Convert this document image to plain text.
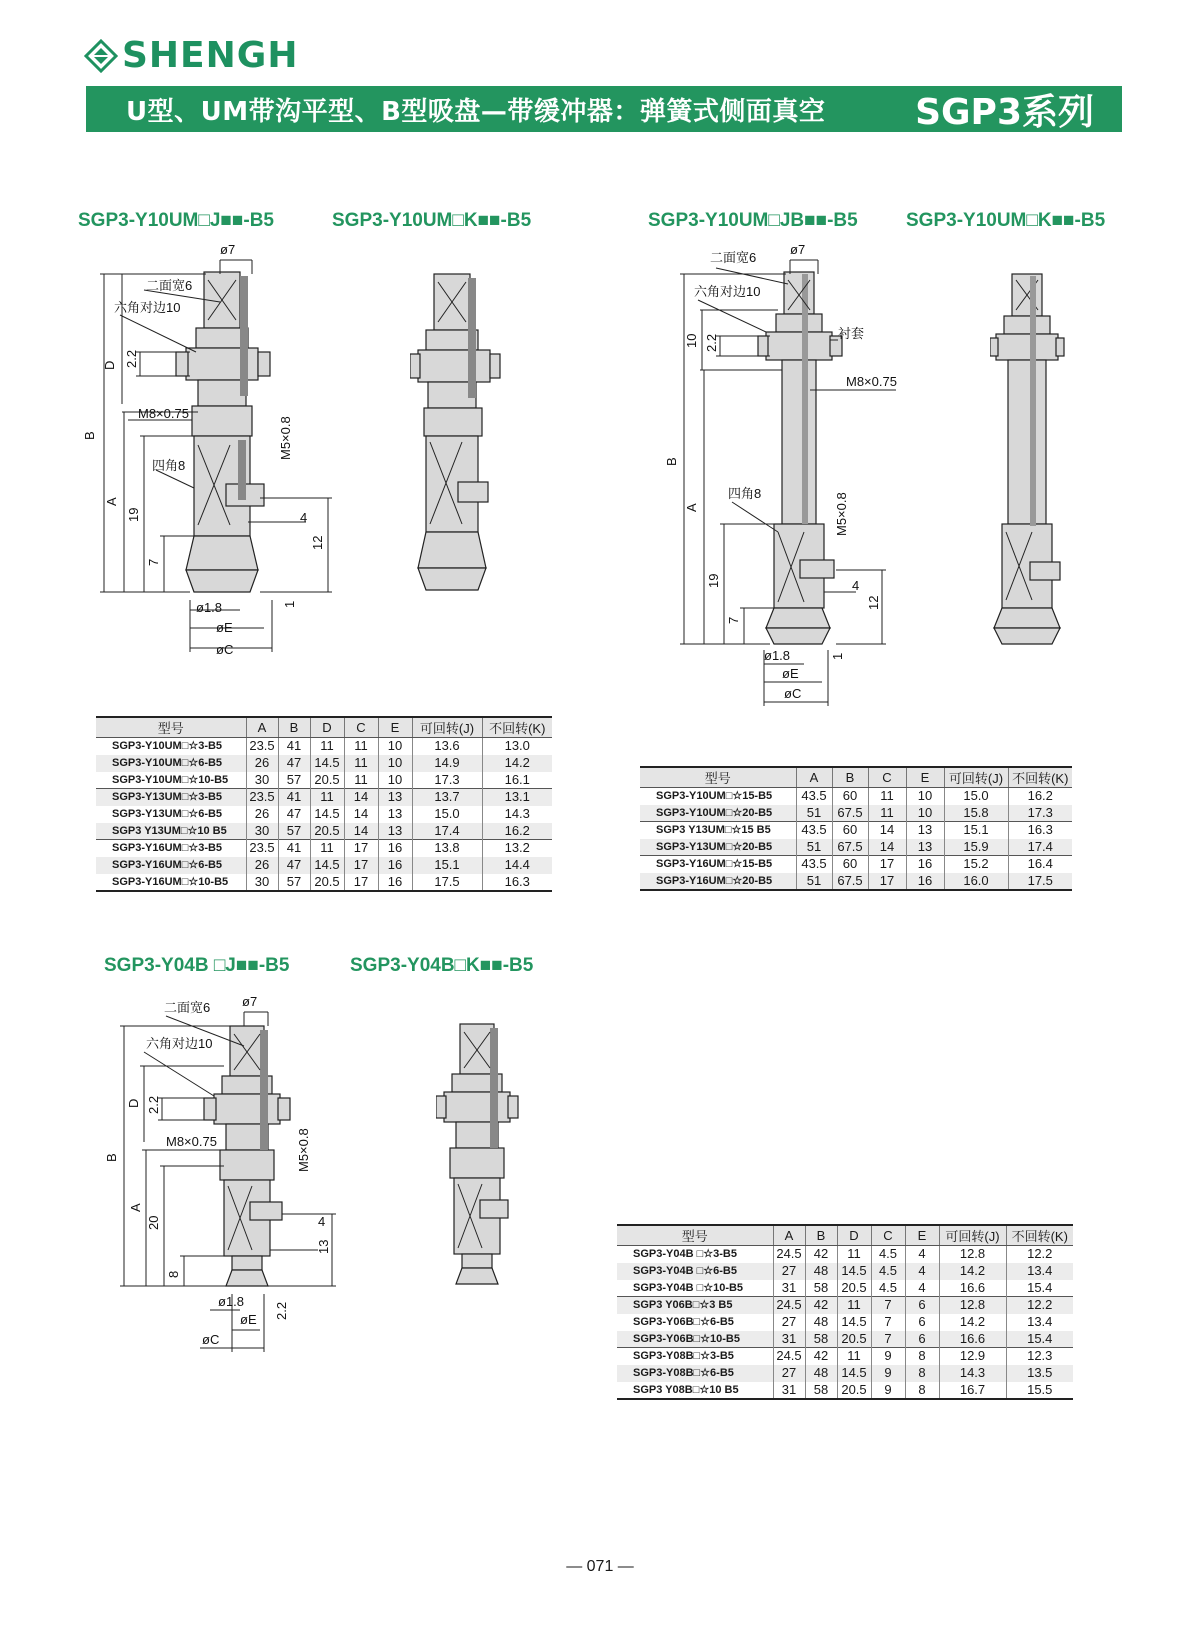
SHENGH
U型、UM带沟平型、B型吸盘—带缓冲器：弹簧式侧面真空 SGP3系列
SGP3-Y10UM□J■■-B5	SGP3-Y10UM□K■■-B5	SGP3-Y10UM□JB■■-B5	SGP3-Y10UM□K■■-B5
SGP3-Y04B □J■■-B5	SGP3-Y04B□K■■-B5
ø7
二面宽6
六角对边10
D 2.2
B
M8×0.75
M5×0.8
四角8
A
19
7
4
12
1
ø1.8
øE
øC
ø7
二面宽6
六角对边10
10 2.2
衬套
M8×0.75
B
A
四角8	M5×0.8
19
7
4
12
1
ø1.8
øE
øC
ø7
二面宽6
六角对边10
D 2.2
B
M8×0.75	M5×0.8
A
20
8
4
13
ø1.8
øE 2.2
øC
型号	A	B	D	C	E	可回转(J)	不回转(K)
SGP3-Y10UM□☆3-B5	23.5	41	11	11	10	13.6	13.0
SGP3-Y10UM□☆6-B5	26	47	14.5	11	10	14.9	14.2
SGP3-Y10UM□☆10-B5	30	57	20.5	11	10	17.3	16.1
SGP3-Y13UM□☆3-B5	23.5	41	11	14	13	13.7	13.1
SGP3-Y13UM□☆6-B5	26	47	14.5	14	13	15.0	14.3
SGP3 Y13UM□☆10 B5	30	57	20.5	14	13	17.4	16.2
SGP3-Y16UM□☆3-B5	23.5	41	11	17	16	13.8	13.2
SGP3-Y16UM□☆6-B5	26	47	14.5	17	16	15.1	14.4
SGP3-Y16UM□☆10-B5	30	57	20.5	17	16	17.5	16.3
型号	A	B	C	E	可回转(J)	不回转(K)
SGP3-Y10UM□☆15-B5	43.5	60	11	10	15.0	16.2
SGP3-Y10UM□☆20-B5	51	67.5	11	10	15.8	17.3
SGP3 Y13UM□☆15 B5	43.5	60	14	13	15.1	16.3
SGP3-Y13UM□☆20-B5	51	67.5	14	13	15.9	17.4
SGP3-Y16UM□☆15-B5	43.5	60	17	16	15.2	16.4
SGP3-Y16UM□☆20-B5	51	67.5	17	16	16.0	17.5
型号	A	B	D	C	E	可回转(J)	不回转(K)
SGP3-Y04B □☆3-B5	24.5	42	11	4.5	4	12.8	12.2
SGP3-Y04B □☆6-B5	27	48	14.5	4.5	4	14.2	13.4
SGP3-Y04B □☆10-B5	31	58	20.5	4.5	4	16.6	15.4
SGP3 Y06B□☆3 B5	24.5	42	11	7	6	12.8	12.2
SGP3-Y06B□☆6-B5	27	48	14.5	7	6	14.2	13.4
SGP3-Y06B□☆10-B5	31	58	20.5	7	6	16.6	15.4
SGP3-Y08B□☆3-B5	24.5	42	11	9	8	12.9	12.3
SGP3-Y08B□☆6-B5	27	48	14.5	9	8	14.3	13.5
SGP3 Y08B□☆10 B5	31	58	20.5	9	8	16.7	15.5
— 071 —
